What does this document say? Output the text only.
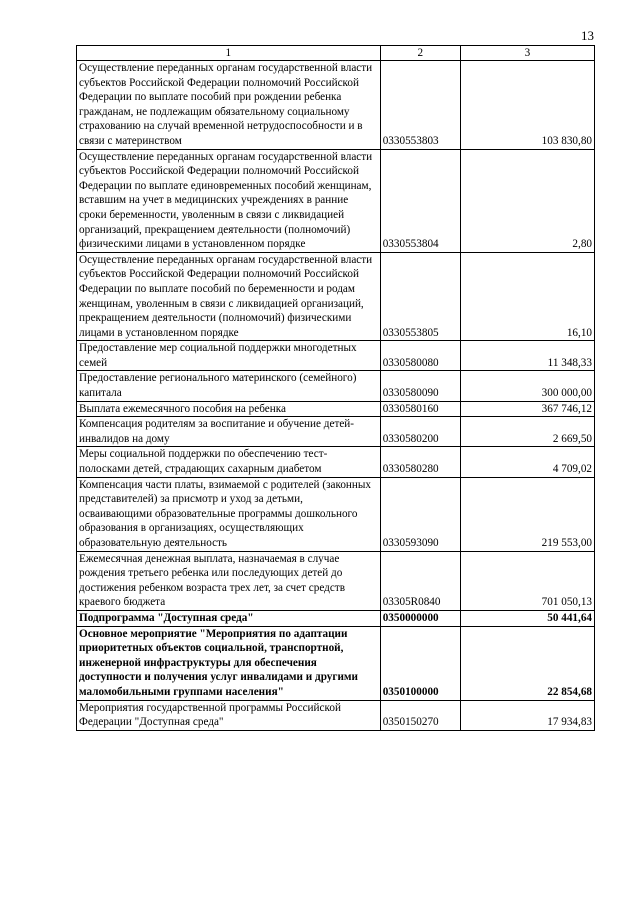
13
1	2	3
Осуществление переданных органам государственной власти субъектов Российской Федерации полномочий Российской Федерации по выплате пособий при рождении ребенка гражданам, не подлежащим обязательному социальному страхованию на случай временной нетрудоспособности и в связи с материнством	0330553803	103 830,80
Осуществление переданных органам государственной власти субъектов Российской Федерации полномочий Российской Федерации по выплате единовременных пособий женщинам, вставшим на учет в медицинских учреждениях в ранние сроки беременности, уволенным в связи с ликвидацией организаций, прекращением деятельности (полномочий) физическими лицами в установленном порядке	0330553804	2,80
Осуществление переданных органам государственной власти субъектов Российской Федерации полномочий Российской Федерации по выплате пособий по беременности и родам женщинам, уволенным в связи с ликвидацией организаций, прекращением деятельности (полномочий) физическими лицами в установленном порядке	0330553805	16,10
Предоставление мер социальной поддержки многодетных семей	0330580080	11 348,33
Предоставление регионального материнского (семейного) капитала	0330580090	300 000,00
Выплата ежемесячного пособия на ребенка	0330580160	367 746,12
Компенсация родителям за воспитание и обучение детей-инвалидов на дому	0330580200	2 669,50
Меры социальной поддержки по обеспечению тест-полосками детей, страдающих сахарным диабетом	0330580280	4 709,02
Компенсация части платы, взимаемой с родителей (законных представителей) за присмотр и уход за детьми, осваивающими образовательные программы дошкольного образования в организациях, осуществляющих образовательную деятельность	0330593090	219 553,00
Ежемесячная денежная выплата, назначаемая в случае рождения третьего ребенка или последующих детей до достижения ребенком возраста трех лет, за счет средств краевого бюджета	03305R0840	701 050,13
Подпрограмма "Доступная среда"	0350000000	50 441,64
Основное мероприятие "Мероприятия по адаптации приоритетных объектов социальной, транспортной, инженерной инфраструктуры для обеспечения доступности и получения услуг инвалидами и другими маломобильными группами населения"	0350100000	22 854,68
Мероприятия государственной программы Российской Федерации "Доступная среда"	0350150270	17 934,83
